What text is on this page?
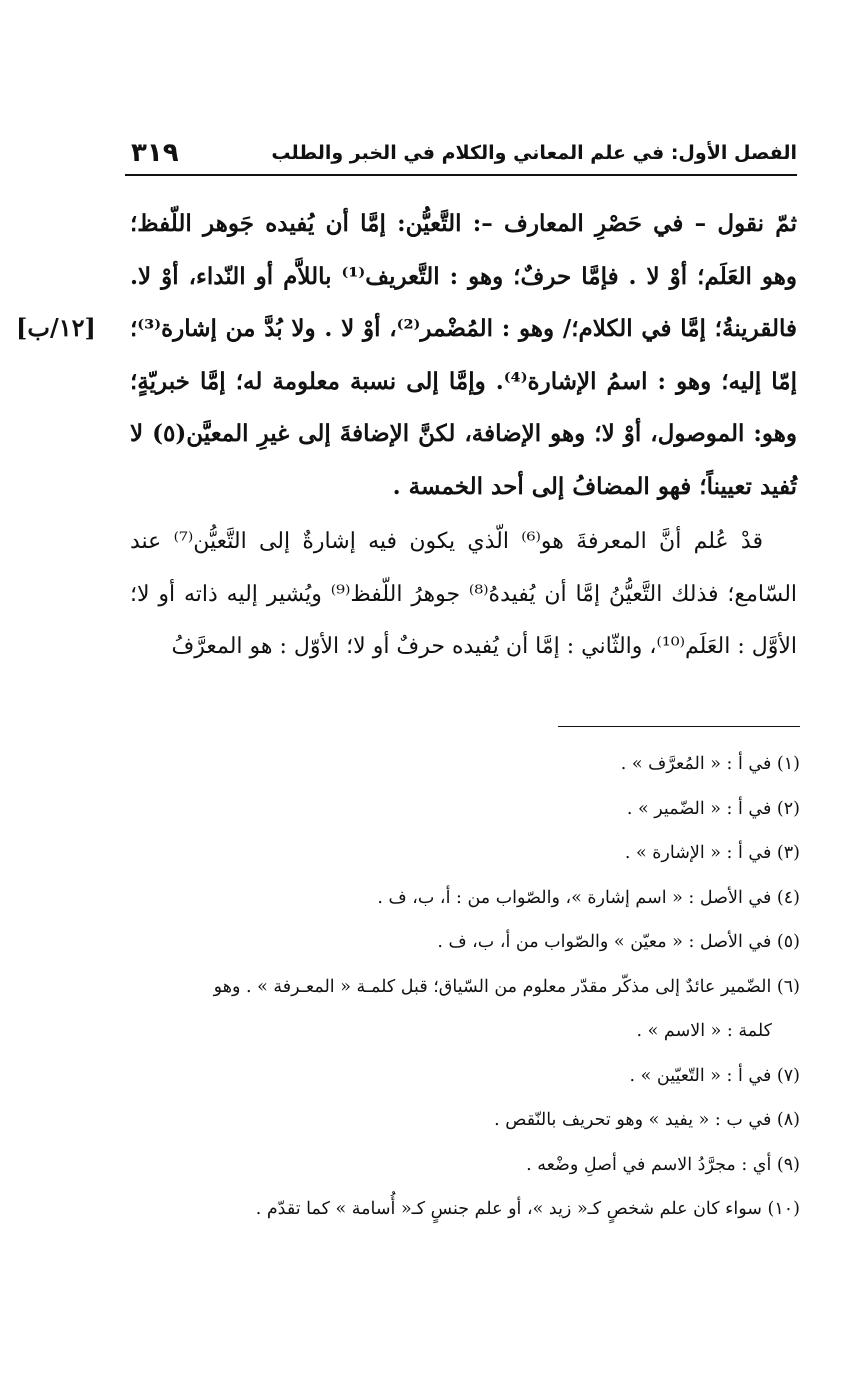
الفصل الأول: في علم المعاني والكلام في الخبر والطلب
٣١٩
[١٢/ب]

ثمّ نقول – في حَصْرِ المعارف –: التَّعيُّن: إمَّا أن يُفيده جَوهر اللّفظ؛ وهو العَلَم؛ أوْ لا . فإمَّا حرفٌ؛ وهو : التَّعريف⁽¹⁾ باللاَّم أو النّداء، أوْ لا. فالقرينةُ؛ إمَّا في الكلام؛/ وهو : المُضْمر⁽²⁾، أوْ لا . ولا بُدَّ من إشارة⁽³⁾؛ إمّا إليه؛ وهو : اسمُ الإشارة⁽⁴⁾. وإمَّا إلى نسبة معلومة له؛ إمَّا خبريّةٍ؛ وهو: الموصول، أوْ لا؛ وهو الإضافة، لكنَّ الإضافةَ إلى غيرِ المعيَّن(٥) لا تُفيد تعييناً؛ فهو المضافُ إلى أحد الخمسة .

قدْ عُلم أنَّ المعرفةَ هو⁽⁶⁾ الّذي يكون فيه إشارةٌ إلى التَّعيُّن⁽⁷⁾ عند السّامع؛ فذلك التَّعيُّنُ إمَّا أن يُفيدهُ⁽⁸⁾ جوهرُ اللّفظ⁽⁹⁾ ويُشير إليه ذاته أو لا؛ الأوَّل : العَلَم⁽¹⁰⁾، والثّاني : إمَّا أن يُفيده حرفٌ أو لا؛ الأوّل : هو المعرَّفُ

(١) في أ : « المُعرَّف » .

(٢) في أ : « الضّمير » .

(٣) في أ : « الإشارة » .

(٤) في الأصل : « اسم إشارة »، والصّواب من : أ، ب، ف .

(٥) في الأصل : « معيّن » والصّواب من أ، ب، ف .

(٦) الضّمير عائدٌ إلى مذكّر مقدّر معلوم من السّياق؛ قبل كلمـة « المعـرفة » . وهو

كلمة : « الاسم » .

(٧) في أ : « التّعيّين » .

(٨) في ب : « يفيد » وهو تحريف بالنّقص .

(٩) أي : مجرَّدُ الاسم في أصلِ وضْعه .

(١٠) سواء كان علم شخصٍ كـ« زيد »، أو علم جنسٍ كـ« أُسامة » كما تقدّم .
